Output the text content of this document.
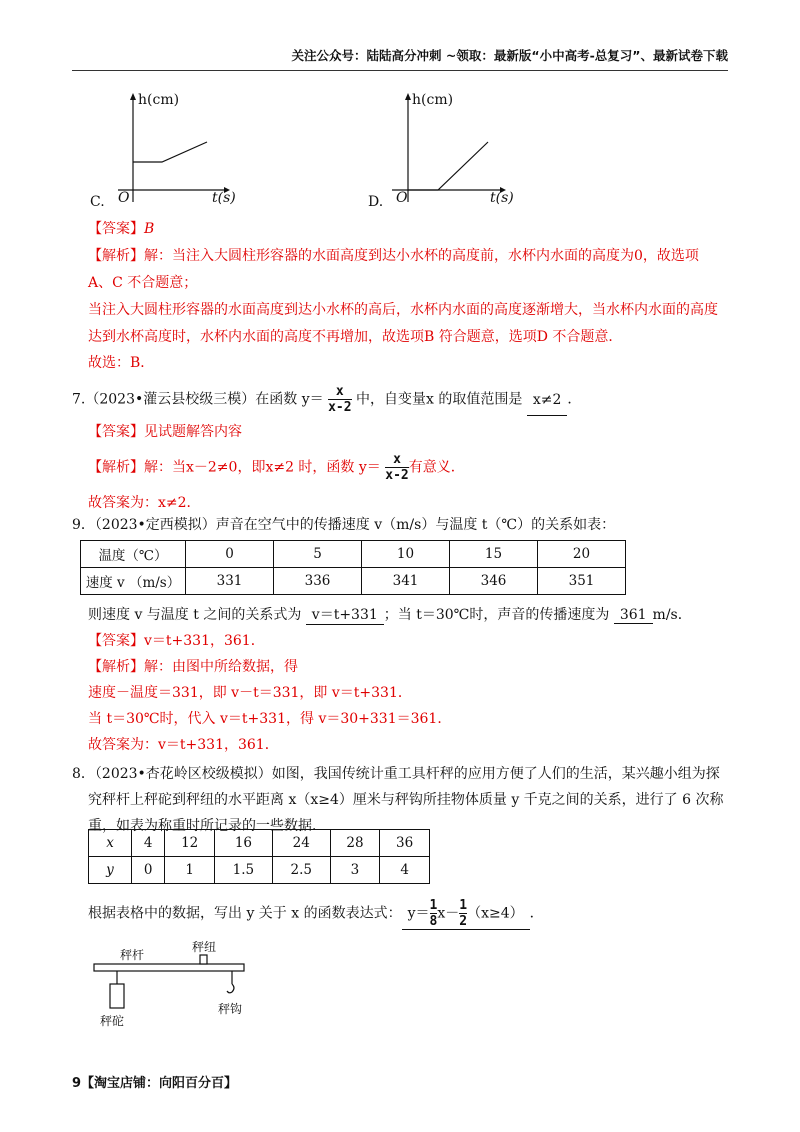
关注公众号：陆陆高分冲刺 ~领取：最新版“小中高考-总复习”、最新试卷下载
h(cm)
O	t(s)
C.
h(cm)
O	t(s)
D.
【答案】B
【解析】解：当注入大圆柱形容器的水面高度到达小水杯的高度前，水杯内水面的高度为0，故选项
A、C 不合题意；
当注入大圆柱形容器的水面高度到达小水杯的高后，水杯内水面的高度逐渐增大，当水杯内水面的高度
达到水杯高度时，水杯内水面的高度不再增加，故选项B 符合题意，选项D 不合题意．
故选：B．
7.（2023•灌云县校级三模）在函数 $y= \frac{x}{x-2}$ 中，自变量x 的取值范围是 x≠2 ．
【答案】见试题解答内容
【解析】解：当x－2≠0，即x≠2 时，函数 $y= \frac{x}{x-2}$ 有意义．
故答案为：x≠2．
9．（2023•定西模拟）声音在空气中的传播速度 v（m/s）与温度 t（℃）的关系如表：
温度（℃）	0	5	10	15	20
速度 v （m/s）	331	336	341	346	351
则速度 v 与温度 t 之间的关系式为 v＝t+331 ；当 t＝30℃时，声音的传播速度为 361 m/s．
【答案】v＝t+331，361．
【解析】解：由图中所给数据，得
速度－温度＝331，即 v－t＝331，即 v＝t+331．
当 t＝30℃时，代入 v＝t+331，得 v＝30+331＝361．
故答案为：v＝t+331，361．
8．（2023•杏花岭区校级模拟）如图，我国传统计重工具杆秤的应用方便了人们的生活，某兴趣小组为探
究秤杆上秤砣到秤纽的水平距离 x（x≥4）厘米与秤钩所挂物体质量 y 千克之间的关系，进行了 6 次称
重，如表为称重时所记录的一些数据．
x	4	12	16	24	28	36
y	0	1	1.5	2.5	3	4
根据表格中的数据，写出 y 关于 x 的函数表达式： $y= \frac{1}{8} x- \frac{1}{2} (x\ge 4)$ ．
秤杆
秤纽
秤砣
秤钩
9【淘宝店铺：向阳百分百】
